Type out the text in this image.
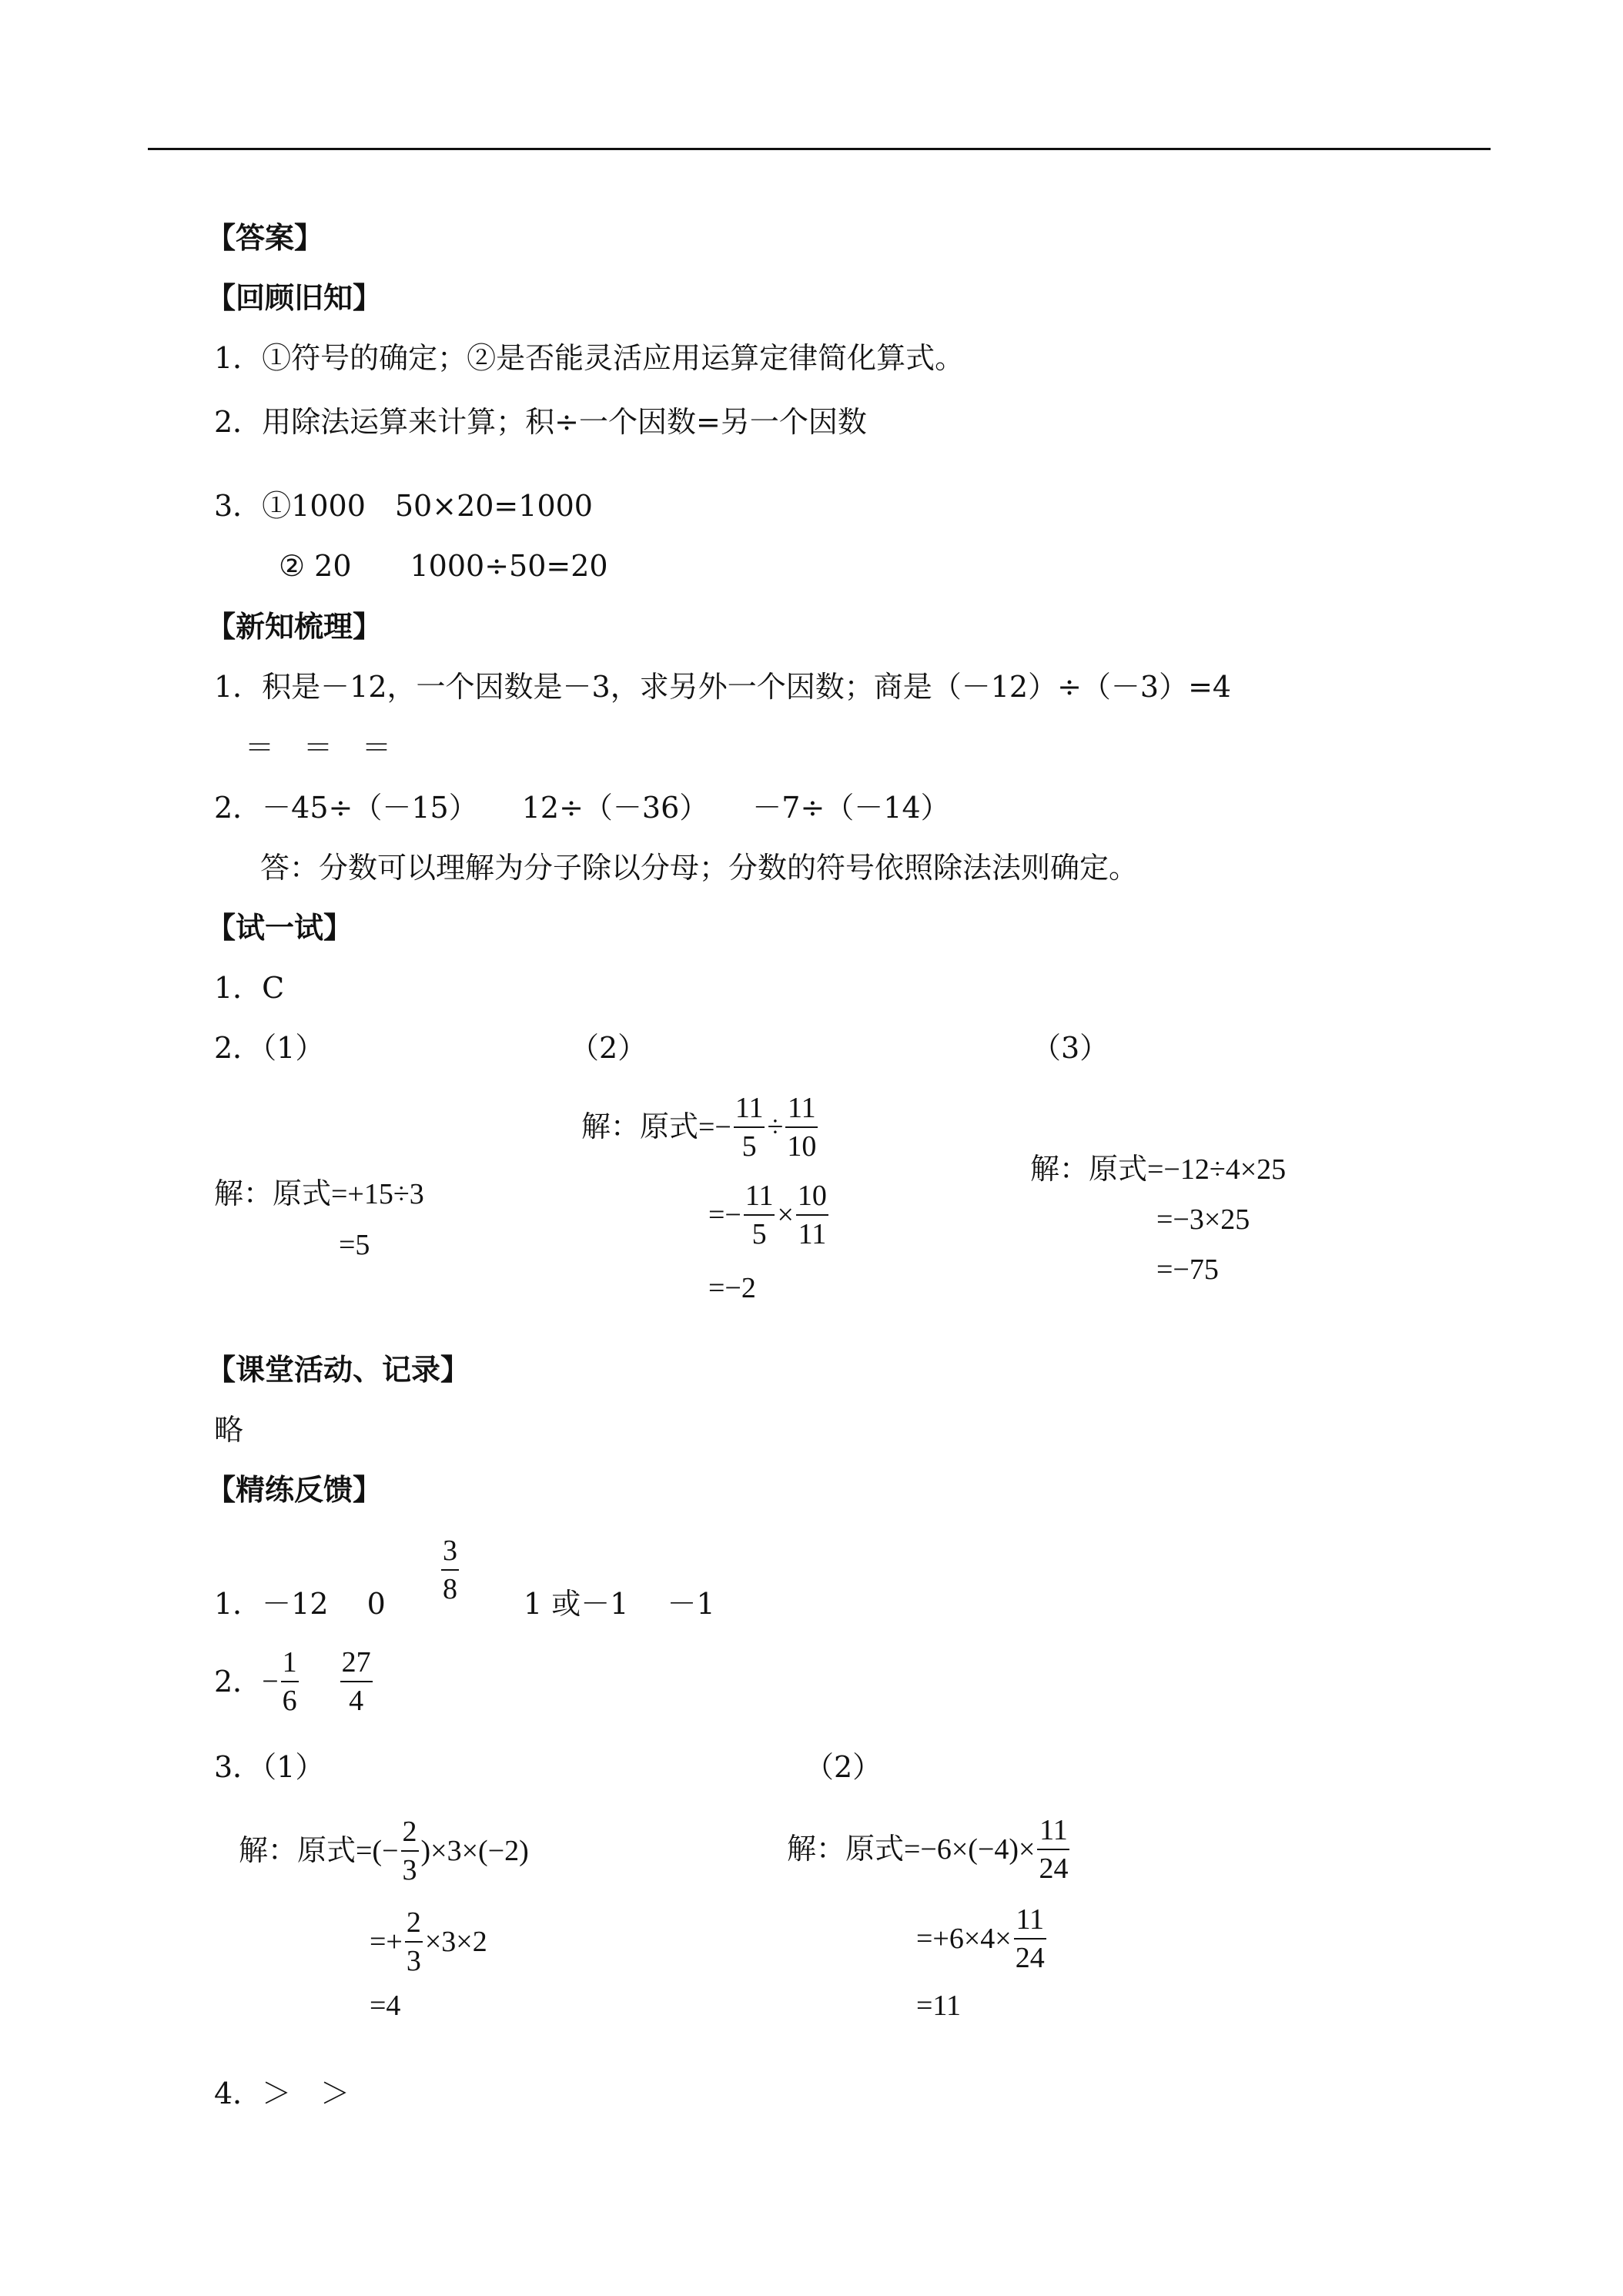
【答案】
【回顾旧知】
1．①符号的确定；②是否能灵活应用运算定律简化算式。
2．用除法运算来计算；积÷一个因数=另一个因数
3．①1000　50×20=1000
② 20　　1000÷50=20
【新知梳理】
1．积是－12，一个因数是－3，求另外一个因数；商是（－12）÷（－3）=4
＝　＝　＝
2．－45÷（－15）　　12÷（－36）　　－7÷（－14）
答：分数可以理解为分子除以分母；分数的符号依照除法法则确定。
【试一试】
1．C
2．（1）	（2）	（3）
解：原式=+15÷3
=5
解：原式=− $\frac{11}{5} \div \frac{11}{10}$
=− $\frac{11}{5} \times \frac{10}{11}$
=−2
解：原式=−12÷4×25
=−3×25
=−75
【课堂活动、记录】
略
【精练反馈】
1．－12　 0
3
8 1 或－1　 －1
2． − $\frac{1}{6} \frac{27}{4}$
3．（1）	（2）
解：原式=(− $\frac{2}{3} )\times 3\times(-2)$
=+ $\frac{2}{3} \times 3\times 2$
=4
解：原式$=-6\times(-4)\times \frac{11}{24}$
$=+6\times 4\times \frac{11}{24}$
=11
4．＞　＞
